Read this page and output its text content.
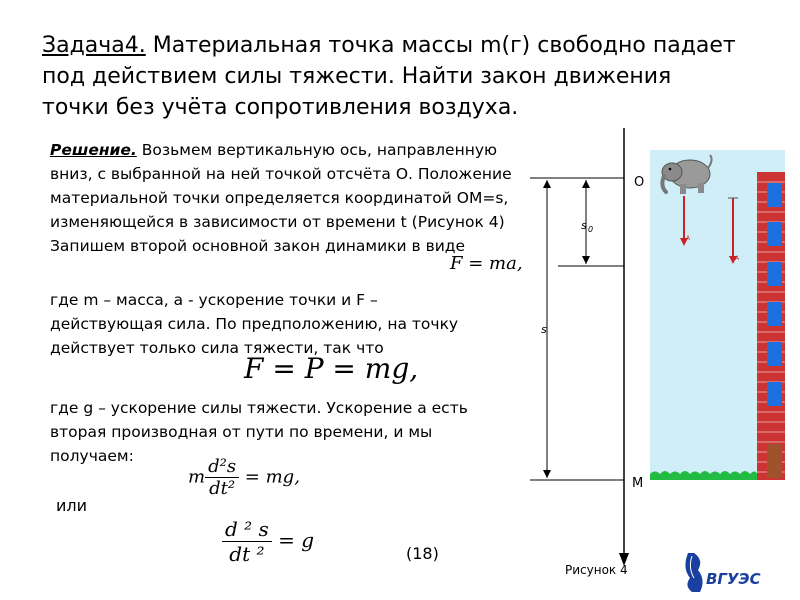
Задача4. Материальная точка массы m(г) свободно падает под действием силы тяжести. Найти закон движения точки без учёта сопротивления воздуха.

Решение. Возьмем вертикальную ось, направленную вниз, с выбранной на ней точкой отсчёта О. Положение материальной точки определяется координатой ОМ=s, изменяющейся в зависимости от времени t (Рисунок 4) Запишем второй основной закон динамики в виде

F = ma,

где m – масса, a - ускорение точки и F – действующая сила. По предположению, на точку действует только сила тяжести, так что

F = P = mg,

где g – ускорение силы тяжести. Ускорение a есть вторая производная от пути по времени, и мы получаем:

m $\frac{\text{d²s}}{\text{dt²}}$ = mg,
или
$\frac{\text{d ² s}}{\text{dt ²}} = g$
(18)
A
A
O
M
s 0
s
Рисунок 4	ВГУЭС
